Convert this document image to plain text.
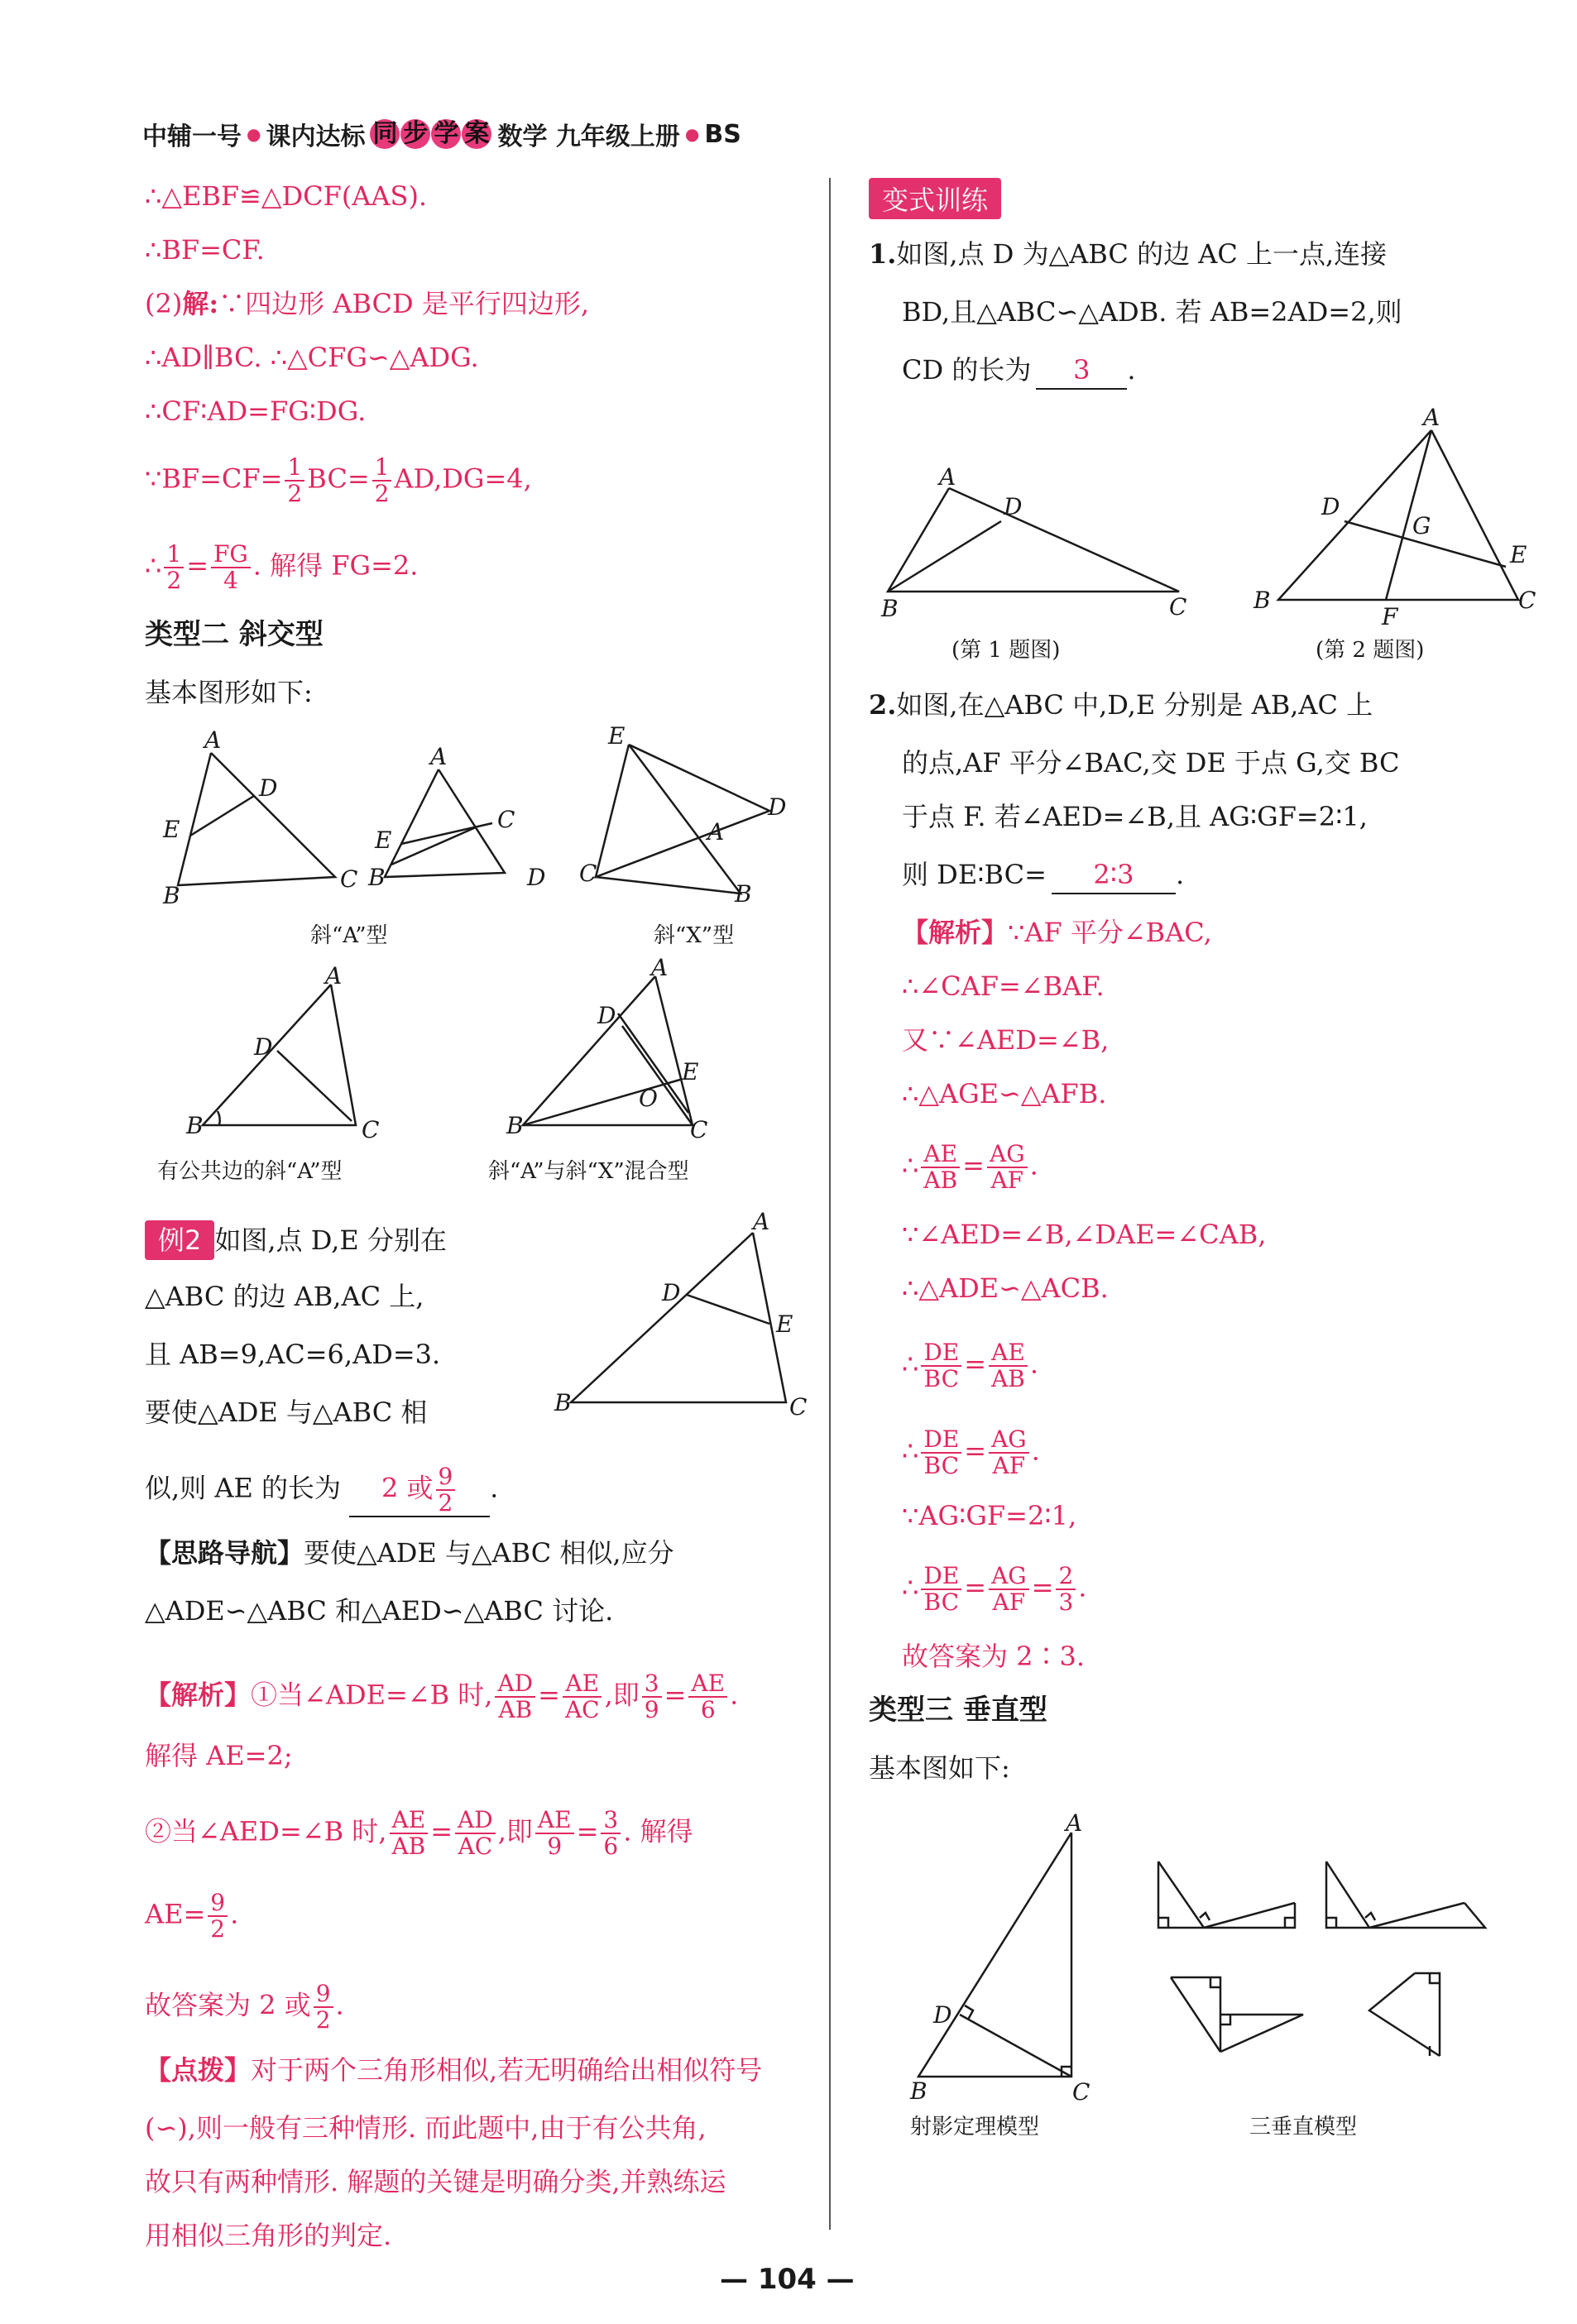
中辅一号 ● 课内达标 同 步 学 案 数学 九年级上册 ● BS
∴△EBF≌△DCF(AAS).
∴BF=CF.
(2)解:∵四边形 ABCD 是平行四边形,
∴AD∥BC. ∴△CFG∽△ADG.
∴CF∶AD=FG∶DG.
∵BF=CF= $\frac{1}{2} BC= \frac{1}{2} AD,DG=4$,
∴ $\frac{1}{2} = \frac{FG}{4}$ . 解得 FG=2.
类型二 斜交型
基本图形如下:
A
D
E
B
C
斜“A”型
A
E
C
B	D
E
D
C
A
B
斜“X”型
A
D
B	C
有公共边的斜“A”型
A
D
E
O
B	C
斜“A”与斜“X”混合型
例2 如图,点 D,E 分别在
△ABC 的边 AB,AC 上,
且 AB=9,AC=6,AD=3.
要使△ADE 与△ABC 相
似,则 AE 的长为 2 或 $\frac{9}{2}$ .
A
D
E
B	C
【思路导航】要使△ADE 与△ABC 相似,应分
△ADE∽△ABC 和△AED∽△ABC 讨论.
【解析】①当∠ADE=∠B 时, $\frac{AD}{AB} = \frac{AE}{AC}$ ,即 $\frac{3}{9} = \frac{AE}{6}$ .
解得 AE=2;
②当∠AED=∠B 时, $\frac{AE}{AB} = \frac{AD}{AC}$ ,即 $\frac{AE}{9} = \frac{3}{6}$ . 解得
$AE= \frac{9}{2}$ .
故答案为 2 或 $\frac{9}{2}$ .
【点拨】对于两个三角形相似,若无明确给出相似符号
(∽),则一般有三种情形. 而此题中,由于有公共角,
故只有两种情形. 解题的关键是明确分类,并熟练运
用相似三角形的判定.
变式训练
1.如图,点 D 为△ABC 的边 AC 上一点,连接
BD,且△ABC∽△ADB. 若 AB=2AD=2,则
CD 的长为 3 .
A
D
B	C
(第 1 题图)
A
D
G
E
B
F
C
(第 2 题图)
2.如图,在△ABC 中,D,E 分别是 AB,AC 上
的点,AF 平分∠BAC,交 DE 于点 G,交 BC
于点 F. 若∠AED=∠B,且 AG∶GF=2∶1,
则 DE∶BC= 2∶3 .
【解析】∵AF 平分∠BAC,
∴∠CAF=∠BAF.
又∵∠AED=∠B,
∴△AGE∽△AFB.
∴ $\frac{AE}{AB} = \frac{AG}{AF}$ .
∵∠AED=∠B,∠DAE=∠CAB,
∴△ADE∽△ACB.
∴ $\frac{DE}{BC} = \frac{AE}{AB}$ .
∴ $\frac{DE}{BC} = \frac{AG}{AF}$ .
∵AG∶GF=2∶1,
∴ $\frac{DE}{BC} = \frac{AG}{AF} = \frac{2}{3}$ .
故答案为 2∶3.
类型三 垂直型
基本图如下:
A
D
B	C
射影定理模型	三垂直模型
— 104 —
